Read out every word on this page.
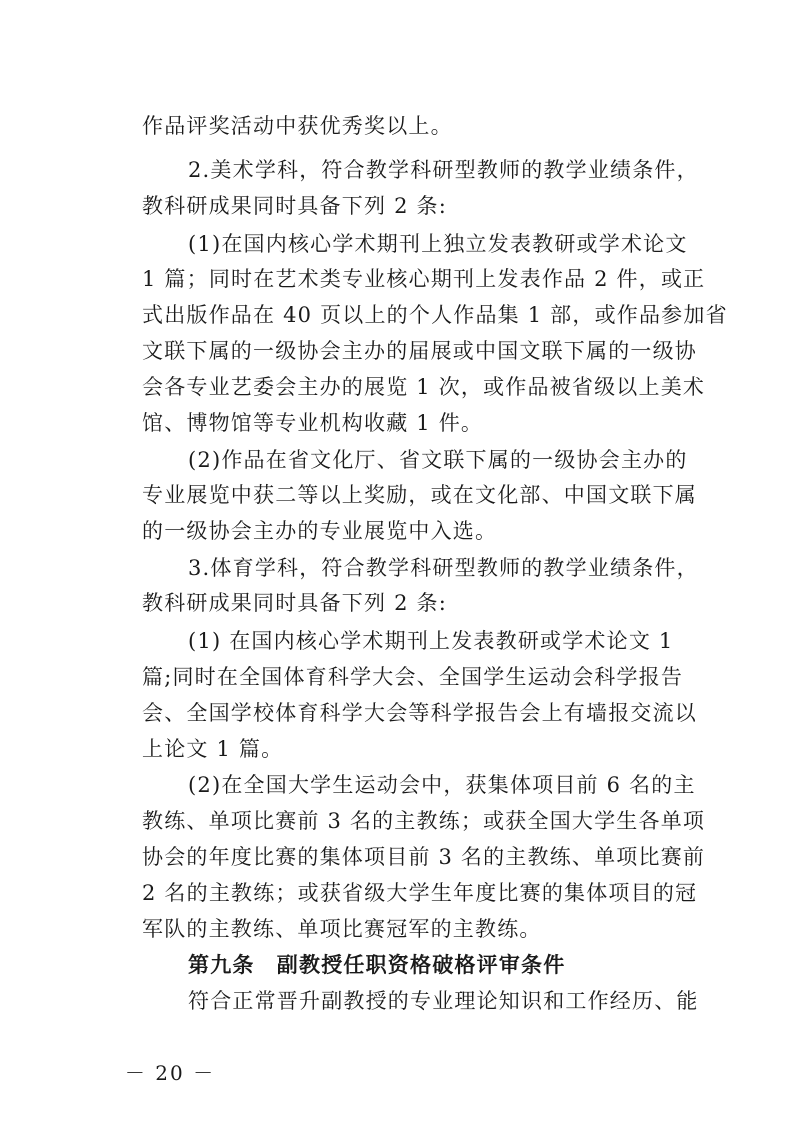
作品评奖活动中获优秀奖以上。
2.美术学科，符合教学科研型教师的教学业绩条件，
教科研成果同时具备下列 2 条:
(1)在国内核心学术期刊上独立发表教研或学术论文
1 篇；同时在艺术类专业核心期刊上发表作品 2 件，或正
式出版作品在 40 页以上的个人作品集 1 部，或作品参加省
文联下属的一级协会主办的届展或中国文联下属的一级协
会各专业艺委会主办的展览 1 次，或作品被省级以上美术
馆、博物馆等专业机构收藏 1 件。
(2)作品在省文化厅、省文联下属的一级协会主办的
专业展览中获二等以上奖励，或在文化部、中国文联下属
的一级协会主办的专业展览中入选。
3.体育学科，符合教学科研型教师的教学业绩条件，
教科研成果同时具备下列 2 条:
(1) 在国内核心学术期刊上发表教研或学术论文 1
篇;同时在全国体育科学大会、全国学生运动会科学报告
会、全国学校体育科学大会等科学报告会上有墙报交流以
上论文 1 篇。
(2)在全国大学生运动会中，获集体项目前 6 名的主
教练、单项比赛前 3 名的主教练；或获全国大学生各单项
协会的年度比赛的集体项目前 3 名的主教练、单项比赛前
2 名的主教练；或获省级大学生年度比赛的集体项目的冠
军队的主教练、单项比赛冠军的主教练。
第九条　副教授任职资格破格评审条件
符合正常晋升副教授的专业理论知识和工作经历、能
－ 20 －
